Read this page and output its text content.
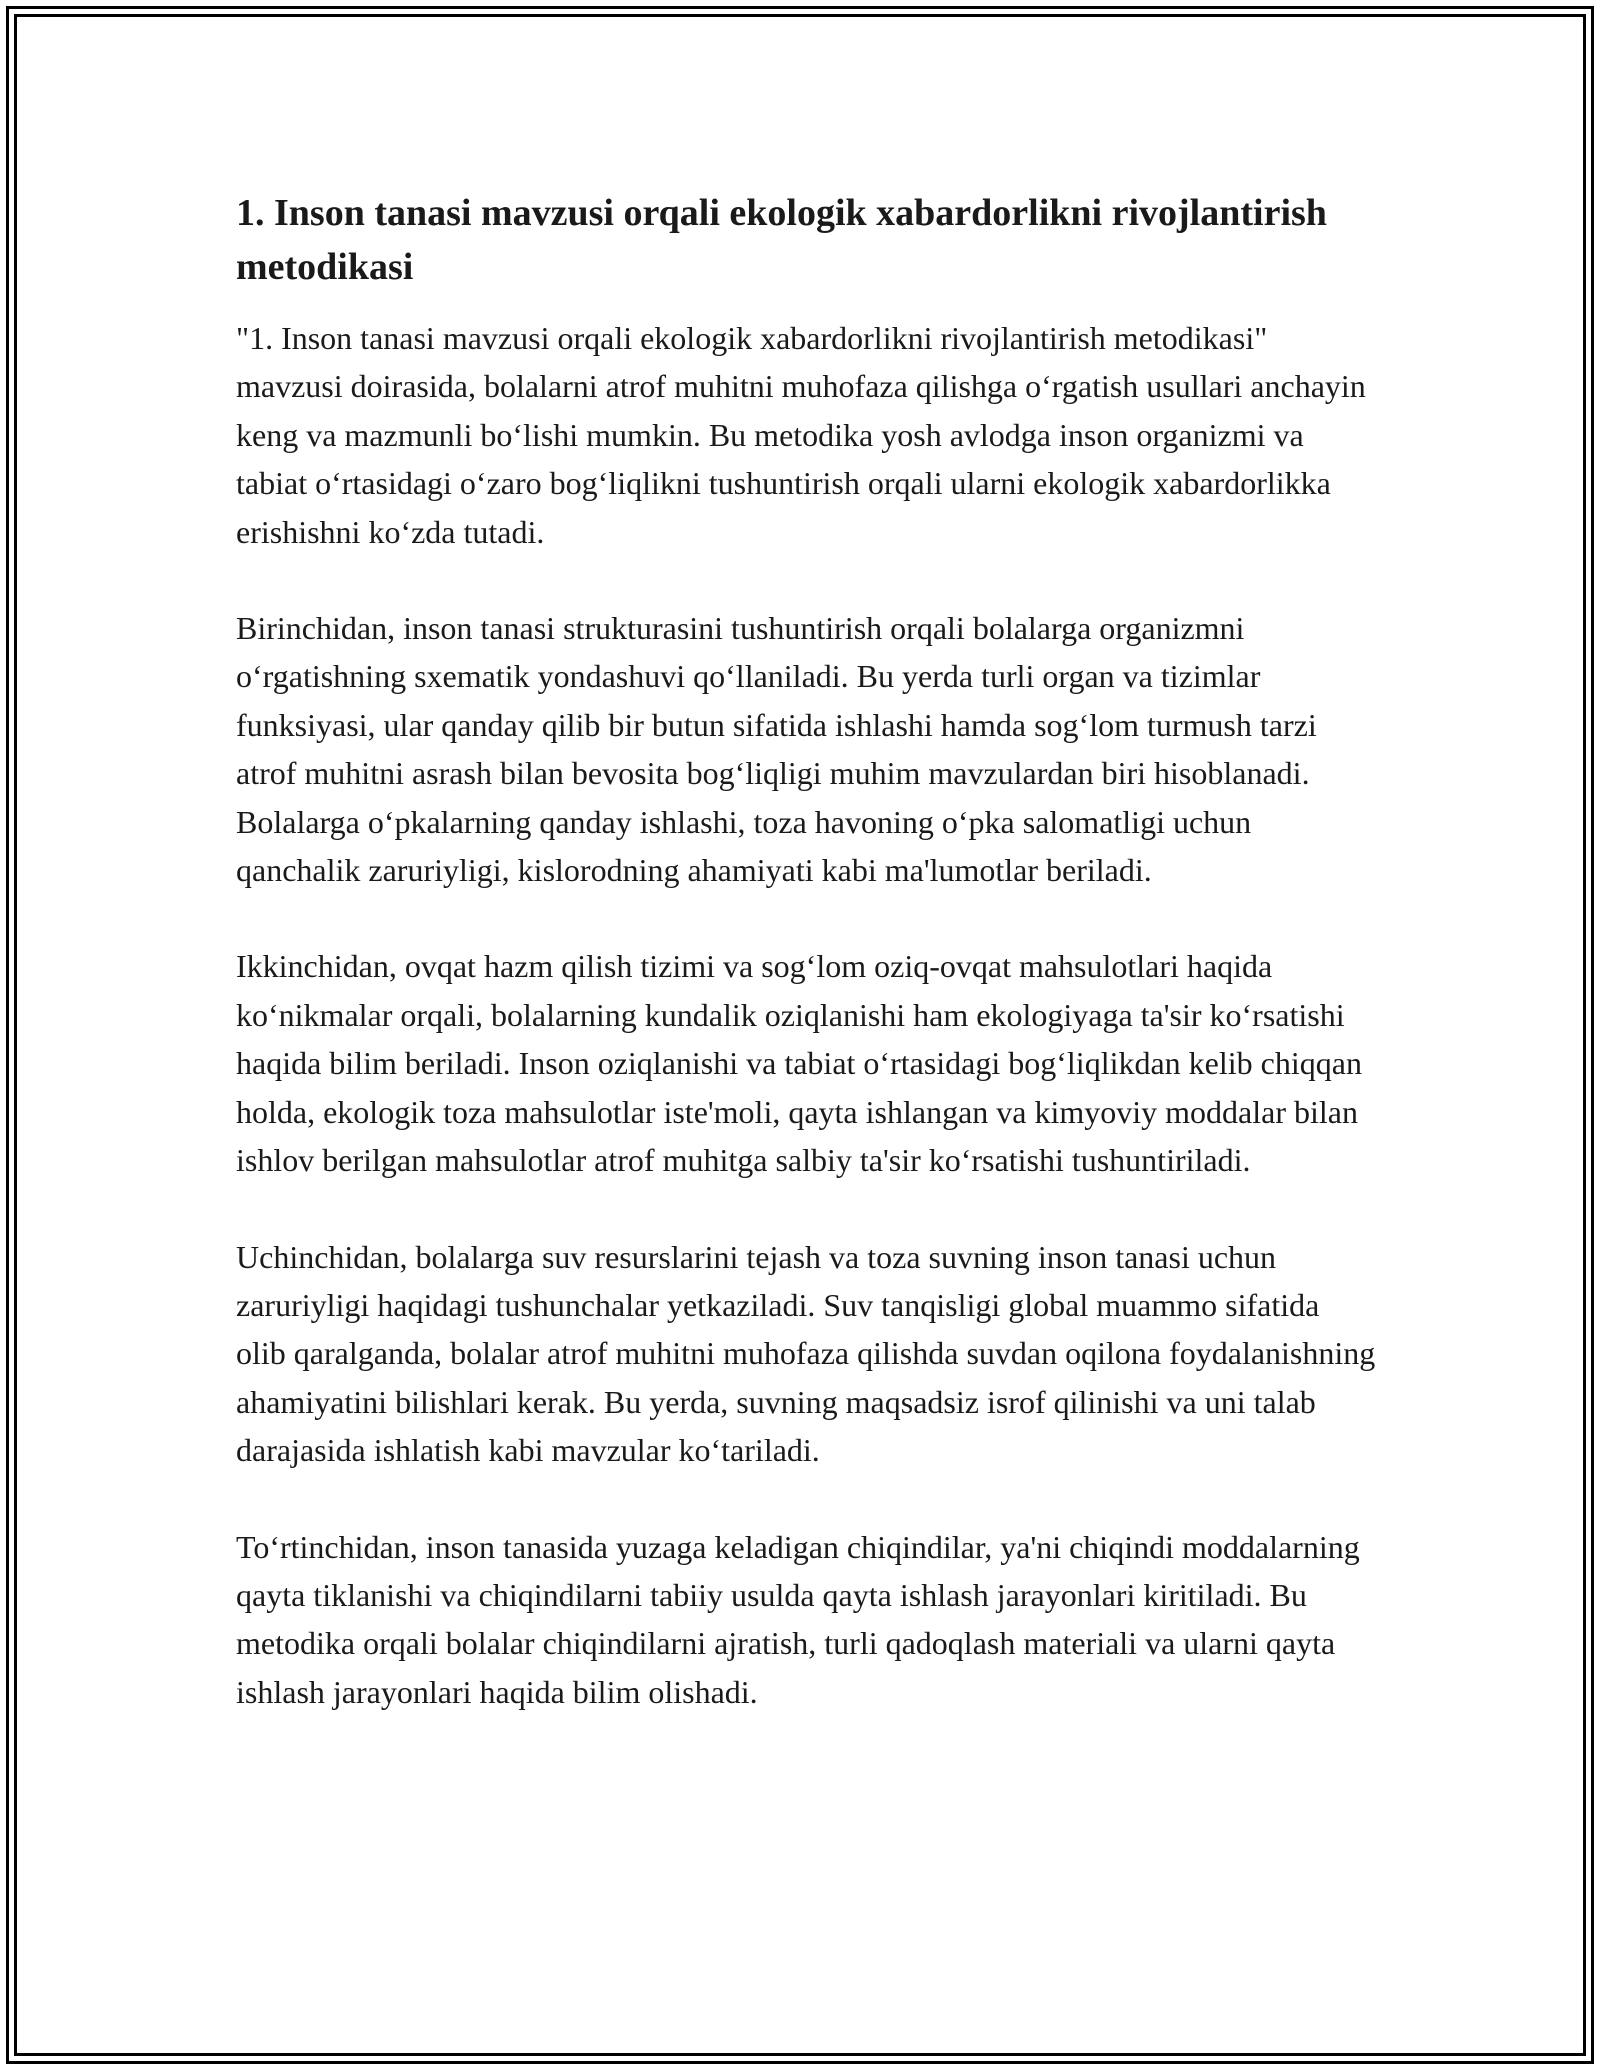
1. Inson tanasi mavzusi orqali ekologik xabardorlikni rivojlantirish metodikasi

"1. Inson tanasi mavzusi orqali ekologik xabardorlikni rivojlantirish metodikasi" mavzusi doirasida, bolalarni atrof muhitni muhofaza qilishga o‘rgatish usullari anchayin keng va mazmunli bo‘lishi mumkin. Bu metodika yosh avlodga inson organizmi va tabiat o‘rtasidagi o‘zaro bog‘liqlikni tushuntirish orqali ularni ekologik xabardorlikka erishishni ko‘zda tutadi.

Birinchidan, inson tanasi strukturasini tushuntirish orqali bolalarga organizmni o‘rgatishning sxematik yondashuvi qo‘llaniladi. Bu yerda turli organ va tizimlar funksiyasi, ular qanday qilib bir butun sifatida ishlashi hamda sog‘lom turmush tarzi atrof muhitni asrash bilan bevosita bog‘liqligi muhim mavzulardan biri hisoblanadi. Bolalarga o‘pkalarning qanday ishlashi, toza havoning o‘pka salomatligi uchun qanchalik zaruriyligi, kislorodning ahamiyati kabi ma'lumotlar beriladi.

Ikkinchidan, ovqat hazm qilish tizimi va sog‘lom oziq-ovqat mahsulotlari haqida ko‘nikmalar orqali, bolalarning kundalik oziqlanishi ham ekologiyaga ta'sir ko‘rsatishi haqida bilim beriladi. Inson oziqlanishi va tabiat o‘rtasidagi bog‘liqlikdan kelib chiqqan holda, ekologik toza mahsulotlar iste'moli, qayta ishlangan va kimyoviy moddalar bilan ishlov berilgan mahsulotlar atrof muhitga salbiy ta'sir ko‘rsatishi tushuntiriladi.

Uchinchidan, bolalarga suv resurslarini tejash va toza suvning inson tanasi uchun zaruriyligi haqidagi tushunchalar yetkaziladi. Suv tanqisligi global muammo sifatida olib qaralganda, bolalar atrof muhitni muhofaza qilishda suvdan oqilona foydalanishning ahamiyatini bilishlari kerak. Bu yerda, suvning maqsadsiz isrof qilinishi va uni talab darajasida ishlatish kabi mavzular ko‘tariladi.

To‘rtinchidan, inson tanasida yuzaga keladigan chiqindilar, ya'ni chiqindi moddalarning qayta tiklanishi va chiqindilarni tabiiy usulda qayta ishlash jarayonlari kiritiladi. Bu metodika orqali bolalar chiqindilarni ajratish, turli qadoqlash materiali va ularni qayta ishlash jarayonlari haqida bilim olishadi.
